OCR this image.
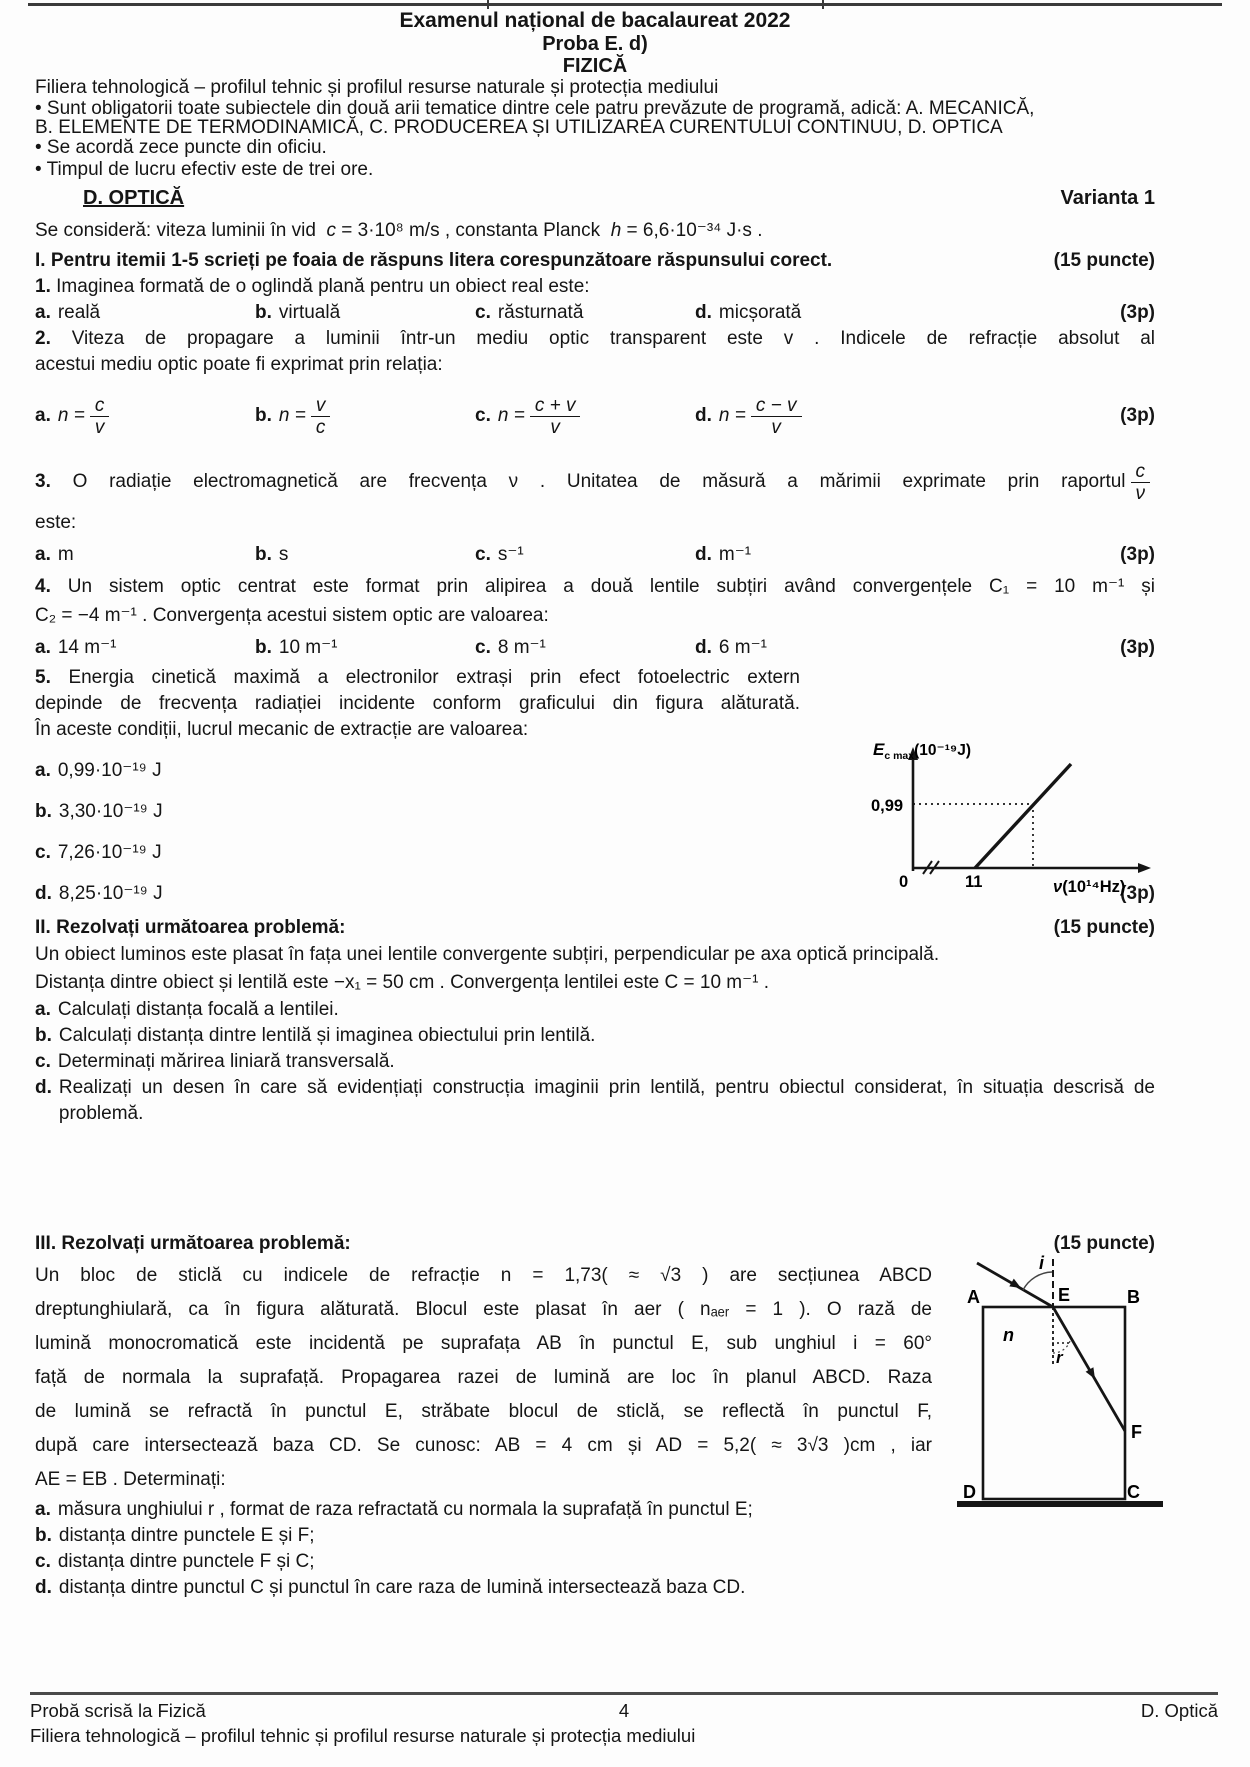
Examenul național de bacalaureat 2022
Proba E. d)
FIZICĂ
Filiera tehnologică – profilul tehnic și profilul resurse naturale și protecția mediului
• Sunt obligatorii toate subiectele din două arii tematice dintre cele patru prevăzute de programă, adică: A. MECANICĂ,
B. ELEMENTE DE TERMODINAMICĂ, C. PRODUCEREA ȘI UTILIZAREA CURENTULUI CONTINUU, D. OPTICA
• Se acordă zece puncte din oficiu.
• Timpul de lucru efectiv este de trei ore.
D. OPTICĂ	Varianta 1
Se consideră: viteza luminii în vid c = 3·10⁸ m/s , constanta Planck h = 6,6·10⁻³⁴ J·s .
I. Pentru itemii 1-5 scrieți pe foaia de răspuns litera corespunzătoare răspunsului corect.	(15 puncte)
1. Imaginea formată de o oglindă plană pentru un obiect real este:
a. reală	b. virtuală	c. răsturnată	d. micșorată	(3p)
2. Viteza de propagare a luminii într-un mediu optic transparent este v . Indicele de refracție absolut al
acestui mediu optic poate fi exprimat prin relația:
a. $n = \frac{c}{v}$	b. $n = \frac{v}{c}$	c. $n = \frac{c + v}{v}$	d. $n = \frac{c - v}{v}$	(3p)
3. O radiație electromagnetică are frecvența ν . Unitatea de măsură a mărimii exprimate prin raportul $\frac{c}{\nu}$
este:
a. m	b. s	c. s⁻¹	d. m⁻¹	(3p)
4. Un sistem optic centrat este format prin alipirea a două lentile subțiri având convergențele C₁ = 10 m⁻¹ și
C₂ = −4 m⁻¹ . Convergența acestui sistem optic are valoarea:
a. 14 m⁻¹	b. 10 m⁻¹	c. 8 m⁻¹	d. 6 m⁻¹	(3p)
5. Energia cinetică maximă a electronilor extrași prin efect fotoelectric extern
depinde de frecvența radiației incidente conform graficului din figura alăturată.
În aceste condiții, lucrul mecanic de extracție are valoarea:
a. 0,99·10⁻¹⁹ J
b. 3,30·10⁻¹⁹ J
c. 7,26·10⁻¹⁹ J
d. 8,25·10⁻¹⁹ J	(3p)
$E_{c max}(10^{-19}J)$
0,99
0	11	ν(10¹⁴Hz)
II. Rezolvați următoarea problemă:	(15 puncte)
Un obiect luminos este plasat în fața unei lentile convergente subțiri, perpendicular pe axa optică principală.
Distanța dintre obiect și lentilă este −x₁ = 50 cm . Convergența lentilei este C = 10 m⁻¹ .
a. Calculați distanța focală a lentilei.
b. Calculați distanța dintre lentilă și imaginea obiectului prin lentilă.
c. Determinați mărirea liniară transversală.
d. Realizați un desen în care să evidențiați construcția imaginii prin lentilă, pentru obiectul considerat, în situația descrisă de problemă.
III. Rezolvați următoarea problemă:	(15 puncte)
Un bloc de sticlă cu indicele de refracție n = 1,73( ≈ √3 ) are secțiunea ABCD
dreptunghiulară, ca în figura alăturată. Blocul este plasat în aer ( nₐₑᵣ = 1 ). O rază de
lumină monocromatică este incidentă pe suprafața AB în punctul E, sub unghiul i = 60°
față de normala la suprafață. Propagarea razei de lumină are loc în planul ABCD. Raza
de lumină se refractă în punctul E, străbate blocul de sticlă, se reflectă în punctul F,
după care intersectează baza CD. Se cunosc: AB = 4 cm și AD = 5,2( ≈ 3√3 )cm , iar
AE = EB . Determinați:
a. măsura unghiului r , format de raza refractată cu normala la suprafață în punctul E;
b. distanța dintre punctele E și F;
c. distanța dintre punctele F și C;
d. distanța dintre punctul C și punctul în care raza de lumină intersectează baza CD.
i
A	E	B
n
r
F
D	C
Probă scrisă la Fizică	4	D. Optică
Filiera tehnologică – profilul tehnic și profilul resurse naturale și protecția mediului
